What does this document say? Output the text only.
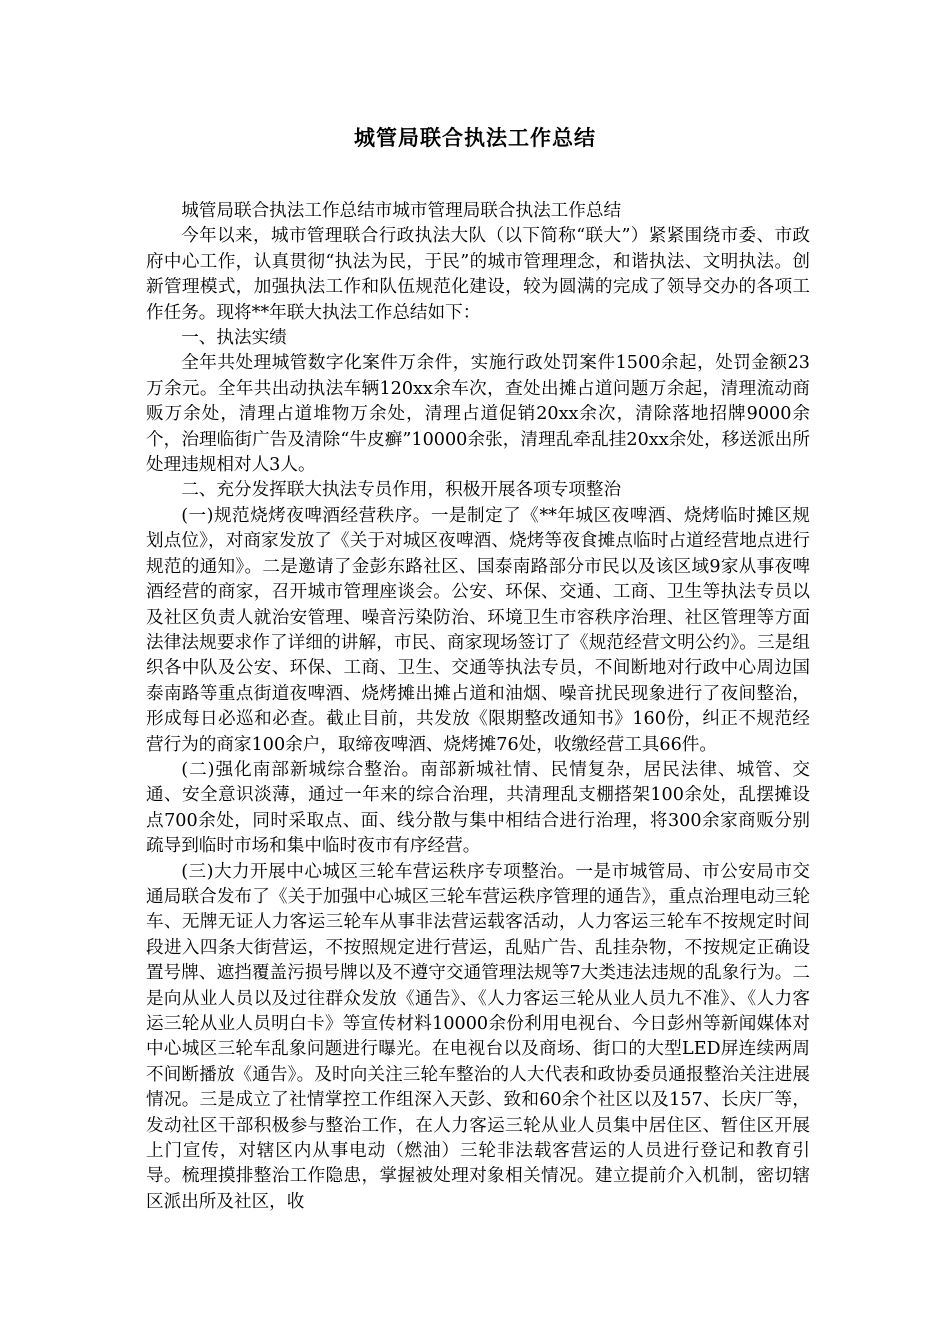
城管局联合执法工作总结

城管局联合执法工作总结市城市管理局联合执法工作总结

今年以来，城市管理联合行政执法大队（以下简称“联大”）紧紧围绕市委、市政府中心工作，认真贯彻“执法为民，于民”的城市管理理念，和谐执法、文明执法。创新管理模式，加强执法工作和队伍规范化建设，较为圆满的完成了领导交办的各项工作任务。现将**年联大执法工作总结如下：

一、执法实绩

全年共处理城管数字化案件万余件，实施行政处罚案件1500余起，处罚金额23万余元。全年共出动执法车辆120xx余车次，查处出摊占道问题万余起，清理流动商贩万余处，清理占道堆物万余处，清理占道促销20xx余次，清除落地招牌9000余个，治理临街广告及清除“牛皮癣”10000余张，清理乱牵乱挂20xx余处，移送派出所处理违规相对人3人。

二、充分发挥联大执法专员作用，积极开展各项专项整治

(一)规范烧烤夜啤酒经营秩序。一是制定了《**年城区夜啤酒、烧烤临时摊区规划点位》，对商家发放了《关于对城区夜啤酒、烧烤等夜食摊点临时占道经营地点进行规范的通知》。二是邀请了金彭东路社区、国泰南路部分市民以及该区域9家从事夜啤酒经营的商家，召开城市管理座谈会。公安、环保、交通、工商、卫生等执法专员以及社区负责人就治安管理、噪音污染防治、环境卫生市容秩序治理、社区管理等方面法律法规要求作了详细的讲解，市民、商家现场签订了《规范经营文明公约》。三是组织各中队及公安、环保、工商、卫生、交通等执法专员，不间断地对行政中心周边国泰南路等重点街道夜啤酒、烧烤摊出摊占道和油烟、噪音扰民现象进行了夜间整治，形成每日必巡和必查。截止目前，共发放《限期整改通知书》160份，纠正不规范经营行为的商家100余户，取缔夜啤酒、烧烤摊76处，收缴经营工具66件。

(二)强化南部新城综合整治。南部新城社情、民情复杂，居民法律、城管、交通、安全意识淡薄，通过一年来的综合治理，共清理乱支棚搭架100余处，乱摆摊设点700余处，同时采取点、面、线分散与集中相结合进行治理，将300余家商贩分别疏导到临时市场和集中临时夜市有序经营。

(三)大力开展中心城区三轮车营运秩序专项整治。一是市城管局、市公安局市交通局联合发布了《关于加强中心城区三轮车营运秩序管理的通告》，重点治理电动三轮车、无牌无证人力客运三轮车从事非法营运载客活动，人力客运三轮车不按规定时间段进入四条大街营运，不按照规定进行营运，乱贴广告、乱挂杂物，不按规定正确设置号牌、遮挡覆盖污损号牌以及不遵守交通管理法规等7大类违法违规的乱象行为。二是向从业人员以及过往群众发放《通告》、《人力客运三轮从业人员九不准》、《人力客运三轮从业人员明白卡》等宣传材料10000余份利用电视台、今日彭州等新闻媒体对中心城区三轮车乱象问题进行曝光。在电视台以及商场、街口的大型LED屏连续两周不间断播放《通告》。及时向关注三轮车整治的人大代表和政协委员通报整治关注进展情况。三是成立了社情掌控工作组深入天彭、致和60余个社区以及157、长庆厂等，发动社区干部积极参与整治工作，在人力客运三轮从业人员集中居住区、暂住区开展上门宣传，对辖区内从事电动（燃油）三轮非法载客营运的人员进行登记和教育引导。梳理摸排整治工作隐患，掌握被处理对象相关情况。建立提前介入机制，密切辖区派出所及社区，收
